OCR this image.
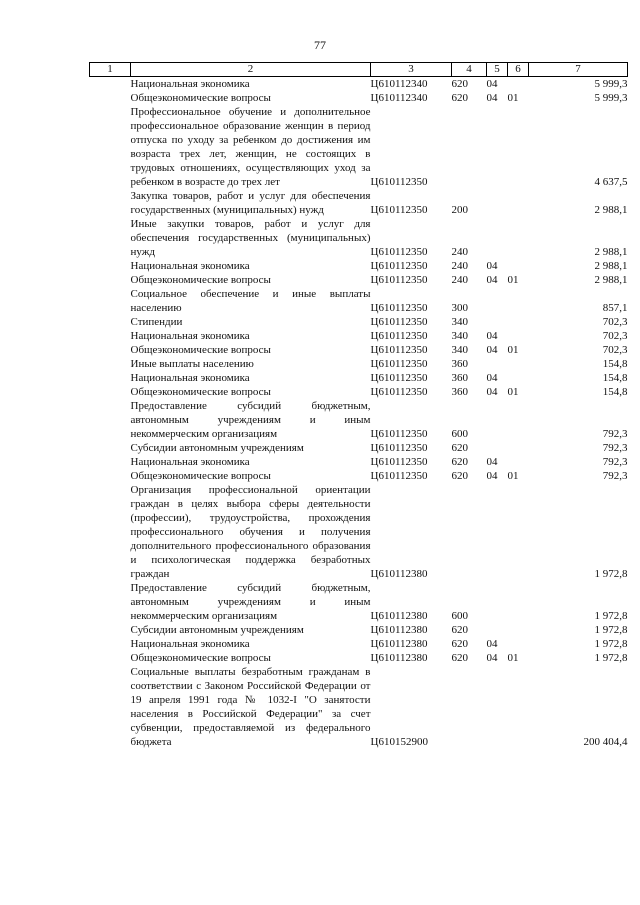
77
1	2	3	4	5	6	7
	Национальная экономика	Ц610112340	620	04		5 999,3
	Общеэкономические вопросы	Ц610112340	620	04	01	5 999,3
	Профессиональное обучение и дополнительное профессиональное образование женщин в период отпуска по уходу за ребенком до достижения им возраста трех лет, женщин, не состоящих в трудовых отношениях, осуществляющих уход за ребенком в возрасте до трех лет	Ц610112350				4 637,5
	Закупка товаров, работ и услуг для обеспечения государственных (муниципальных) нужд	Ц610112350	200			2 988,1
	Иные закупки товаров, работ и услуг для обеспечения государственных (муниципальных) нужд	Ц610112350	240			2 988,1
	Национальная экономика	Ц610112350	240	04		2 988,1
	Общеэкономические вопросы	Ц610112350	240	04	01	2 988,1
	Социальное обеспечение и иные выплаты населению	Ц610112350	300			857,1
	Стипендии	Ц610112350	340			702,3
	Национальная экономика	Ц610112350	340	04		702,3
	Общеэкономические вопросы	Ц610112350	340	04	01	702,3
	Иные выплаты населению	Ц610112350	360			154,8
	Национальная экономика	Ц610112350	360	04		154,8
	Общеэкономические вопросы	Ц610112350	360	04	01	154,8
	Предоставление субсидий бюджетным, автономным учреждениям и иным некоммерческим организациям	Ц610112350	600			792,3
	Субсидии автономным учреждениям	Ц610112350	620			792,3
	Национальная экономика	Ц610112350	620	04		792,3
	Общеэкономические вопросы	Ц610112350	620	04	01	792,3
	Организация профессиональной ориентации граждан в целях выбора сферы деятельности (профессии), трудоустройства, прохождения профессионального обучения и получения дополнительного профессионального образования и психологическая поддержка безработных граждан	Ц610112380				1 972,8
	Предоставление субсидий бюджетным, автономным учреждениям и иным некоммерческим организациям	Ц610112380	600			1 972,8
	Субсидии автономным учреждениям	Ц610112380	620			1 972,8
	Национальная экономика	Ц610112380	620	04		1 972,8
	Общеэкономические вопросы	Ц610112380	620	04	01	1 972,8
	Социальные выплаты безработным гражданам в соответствии с Законом Российской Федерации от 19 апреля 1991 года № 1032-I "О занятости населения в Российской Федерации" за счет субвенции, предоставляемой из федерального бюджета	Ц610152900				200 404,4
